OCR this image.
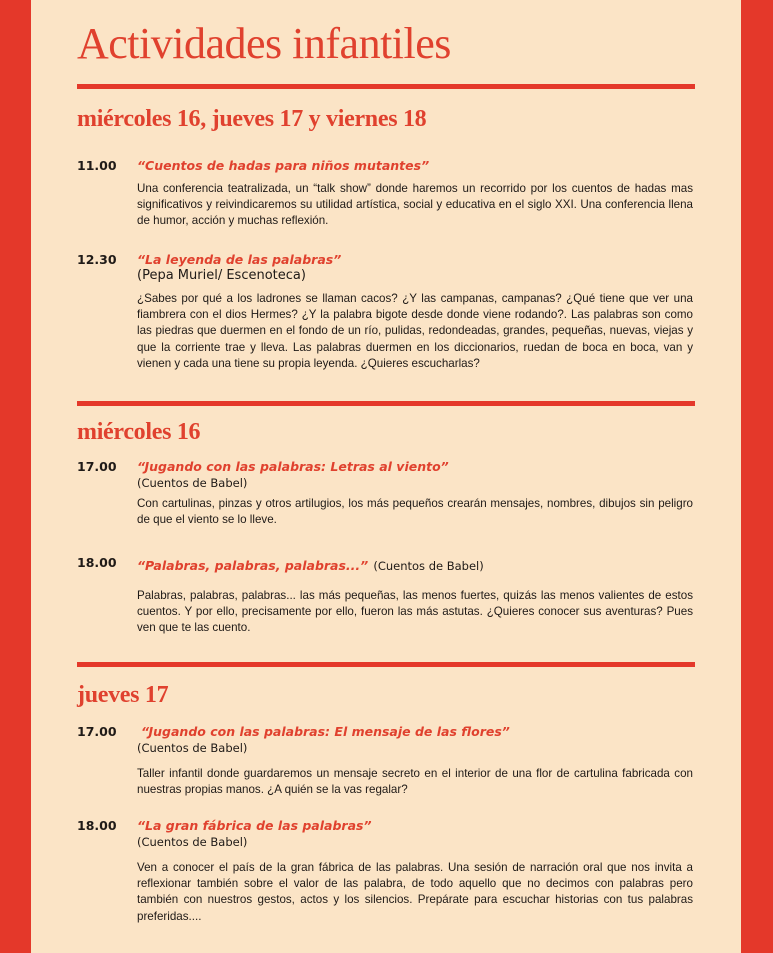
Actividades infantiles
miércoles 16, jueves 17 y viernes 18
11.00 “Cuentos de hadas para niños mutantes”

Una conferencia teatralizada, un “talk show” donde haremos un recorrido por los cuentos de hadas mas significativos y reivindicaremos su utilidad artística, social y educativa en el siglo XXI. Una conferencia llena de humor, acción y muchas reflexión.

12.30 “La leyenda de las palabras”
(Pepa Muriel/ Escenoteca)

¿Sabes por qué a los ladrones se llaman cacos? ¿Y las campanas, campanas? ¿Qué tiene que ver una fiambrera con el dios Hermes? ¿Y la palabra bigote desde donde viene rodando?. Las palabras son como las piedras que duermen en el fondo de un río, pulidas, redondeadas, grandes, pequeñas, nuevas, viejas y que la corriente trae y lleva. Las palabras duermen en los diccionarios, ruedan de boca en boca, van y vienen y cada una tiene su propia leyenda. ¿Quieres escucharlas?

miércoles 16
17.00 “Jugando con las palabras: Letras al viento”
(Cuentos de Babel)

Con cartulinas, pinzas y otros artilugios, los más pequeños crearán mensajes, nombres, dibujos sin peligro de que el viento se lo lleve.

18.00 “Palabras, palabras, palabras...” (Cuentos de Babel)

Palabras, palabras, palabras... las más pequeñas, las menos fuertes, quizás las menos valientes de estos cuentos. Y por ello, precisamente por ello, fueron las más astutas. ¿Quieres conocer sus aventuras? Pues ven que te las cuento.

jueves 17
17.00	“Jugando con las palabras: El mensaje de las flores”
(Cuentos de Babel)

Taller infantil donde guardaremos un mensaje secreto en el interior de una flor de cartulina fabricada con nuestras propias manos. ¿A quién se la vas regalar?

18.00 “La gran fábrica de las palabras”
(Cuentos de Babel)

Ven a conocer el país de la gran fábrica de las palabras. Una sesión de narración oral que nos invita a reflexionar también sobre el valor de las palabra, de todo aquello que no decimos con palabras pero también con nuestros gestos, actos y los silencios. Prepárate para escuchar historias con tus palabras preferidas....
